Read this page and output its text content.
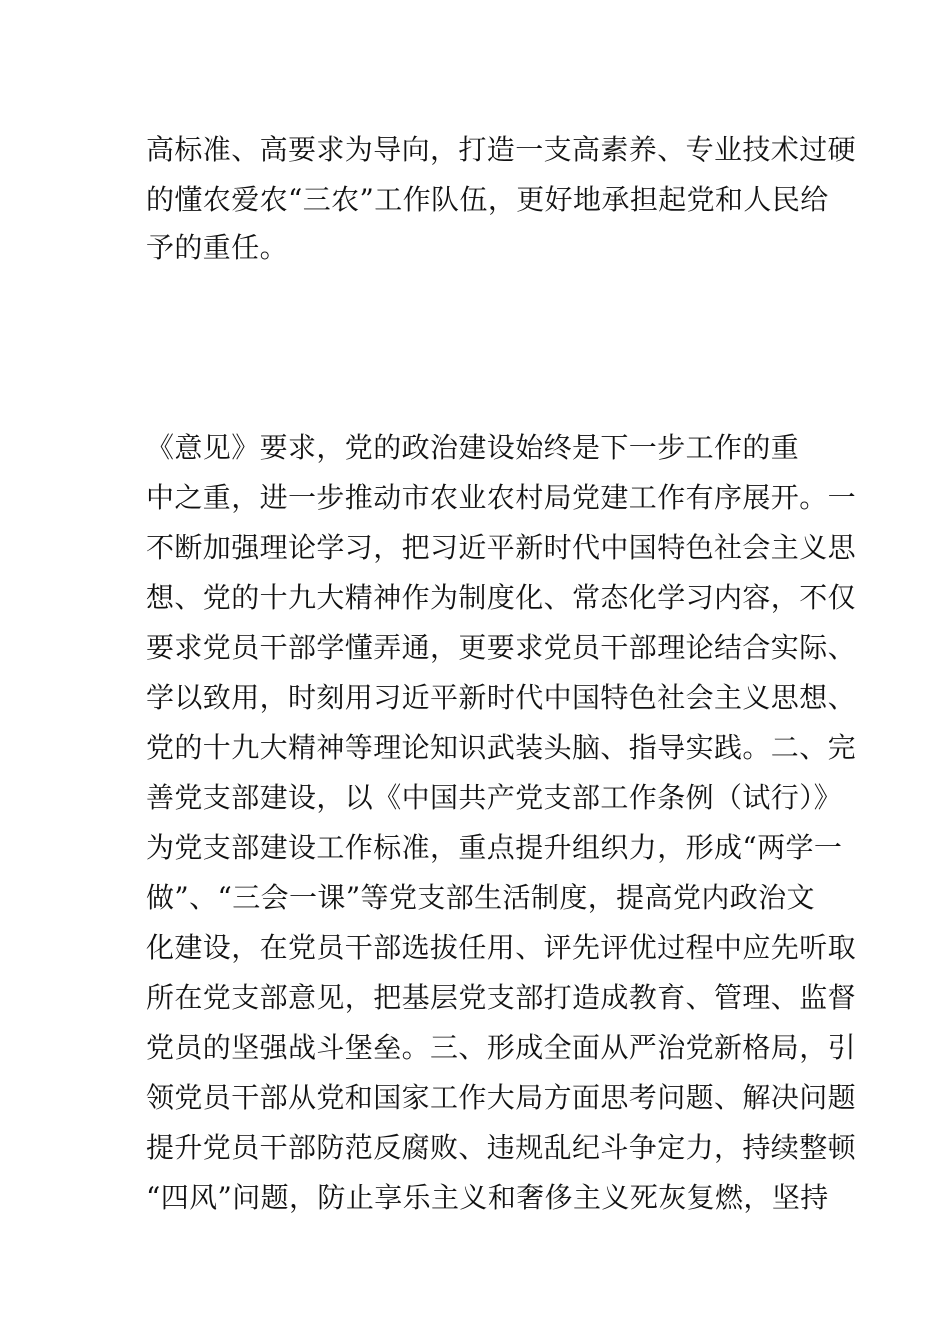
高标准、高要求为导向，打造一支高素养、专业技术过硬
的懂农爱农“三农”工作队伍，更好地承担起党和人民给
予的重任。
《意见》要求，党的政治建设始终是下一步工作的重
中之重，进一步推动市农业农村局党建工作有序展开。一
不断加强理论学习，把习近平新时代中国特色社会主义思
想、党的十九大精神作为制度化、常态化学习内容，不仅
要求党员干部学懂弄通，更要求党员干部理论结合实际、
学以致用，时刻用习近平新时代中国特色社会主义思想、
党的十九大精神等理论知识武装头脑、指导实践。二、完
善党支部建设，以《中国共产党支部工作条例（试行）》
为党支部建设工作标准，重点提升组织力，形成“两学一
做”、“三会一课”等党支部生活制度，提高党内政治文
化建设，在党员干部选拔任用、评先评优过程中应先听取
所在党支部意见，把基层党支部打造成教育、管理、监督
党员的坚强战斗堡垒。三、形成全面从严治党新格局，引
领党员干部从党和国家工作大局方面思考问题、解决问题
提升党员干部防范反腐败、违规乱纪斗争定力，持续整顿
“四风”问题，防止享乐主义和奢侈主义死灰复燃，坚持
